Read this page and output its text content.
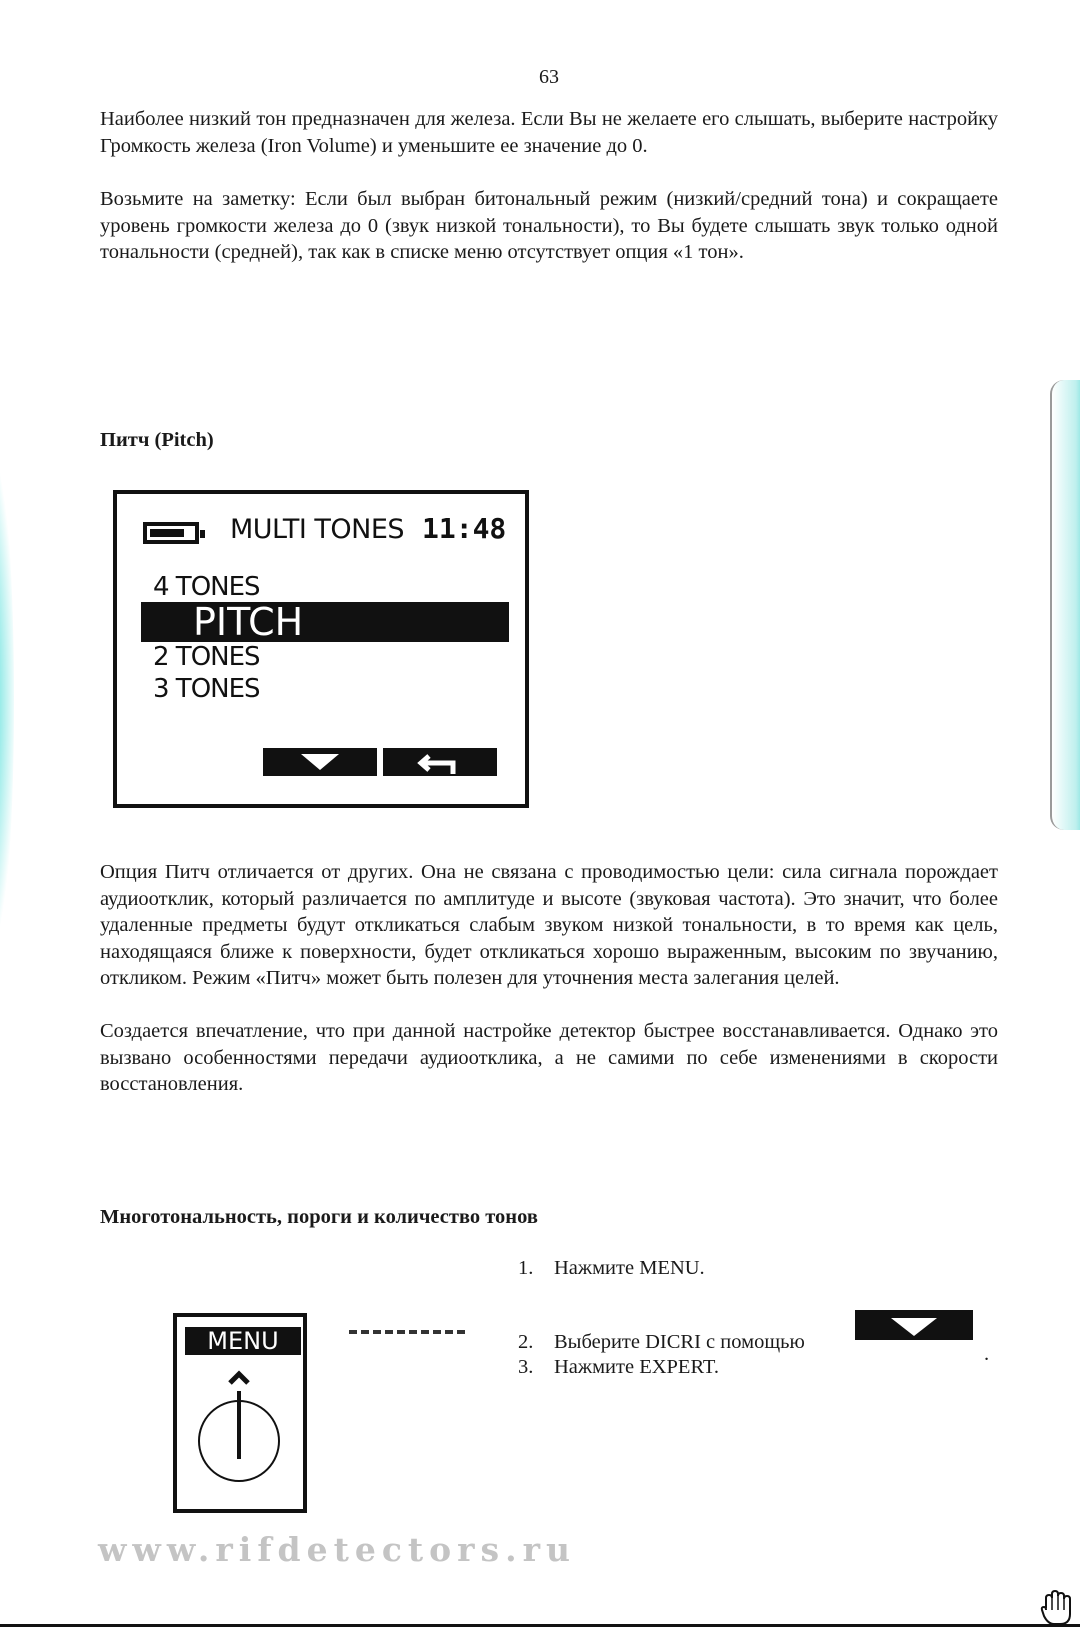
63

Наиболее низкий тон предназначен для железа. Если Вы не желаете его слышать, выберите настройку Громкость железа (Iron Volume) и уменьшите ее значение до 0.

Возьмите на заметку: Если был выбран битональный режим (низкий/средний тона) и сокращаете уровень громкости железа до 0 (звук низкой тональности), то Вы будете слышать звук только одной тональности (средней), так как в списке меню отсутствует опция «1 тон».

Питч (Pitch)
MULTI TONES 11:48
4 TONES
PITCH
2 TONES
3 TONES

Опция Питч отличается от других. Она не связана с проводимостью цели: сила сигнала порождает аудиоотклик, который различается по амплитуде и высоте (звуковая частота). Это значит, что более удаленные предметы будут откликаться слабым звуком низкой тональности, в то время как цель, находящаяся ближе к поверхности, будет откликаться хорошо выраженным, высоким по звучанию, откликом. Режим «Питч» может быть полезен для уточнения места залегания целей.

Создается впечатление, что при данной настройке детектор быстрее восстанавливается. Однако это вызвано особенностями передачи аудиоотклика, а не самими по себе изменениями в скорости восстановления.

Многотональность, пороги и количество тонов
1. Нажмите MENU.
2. Выберите DICRI с помощью
3. Нажмите EXPERT.
.
MENU
www.rifdetectors.ru
